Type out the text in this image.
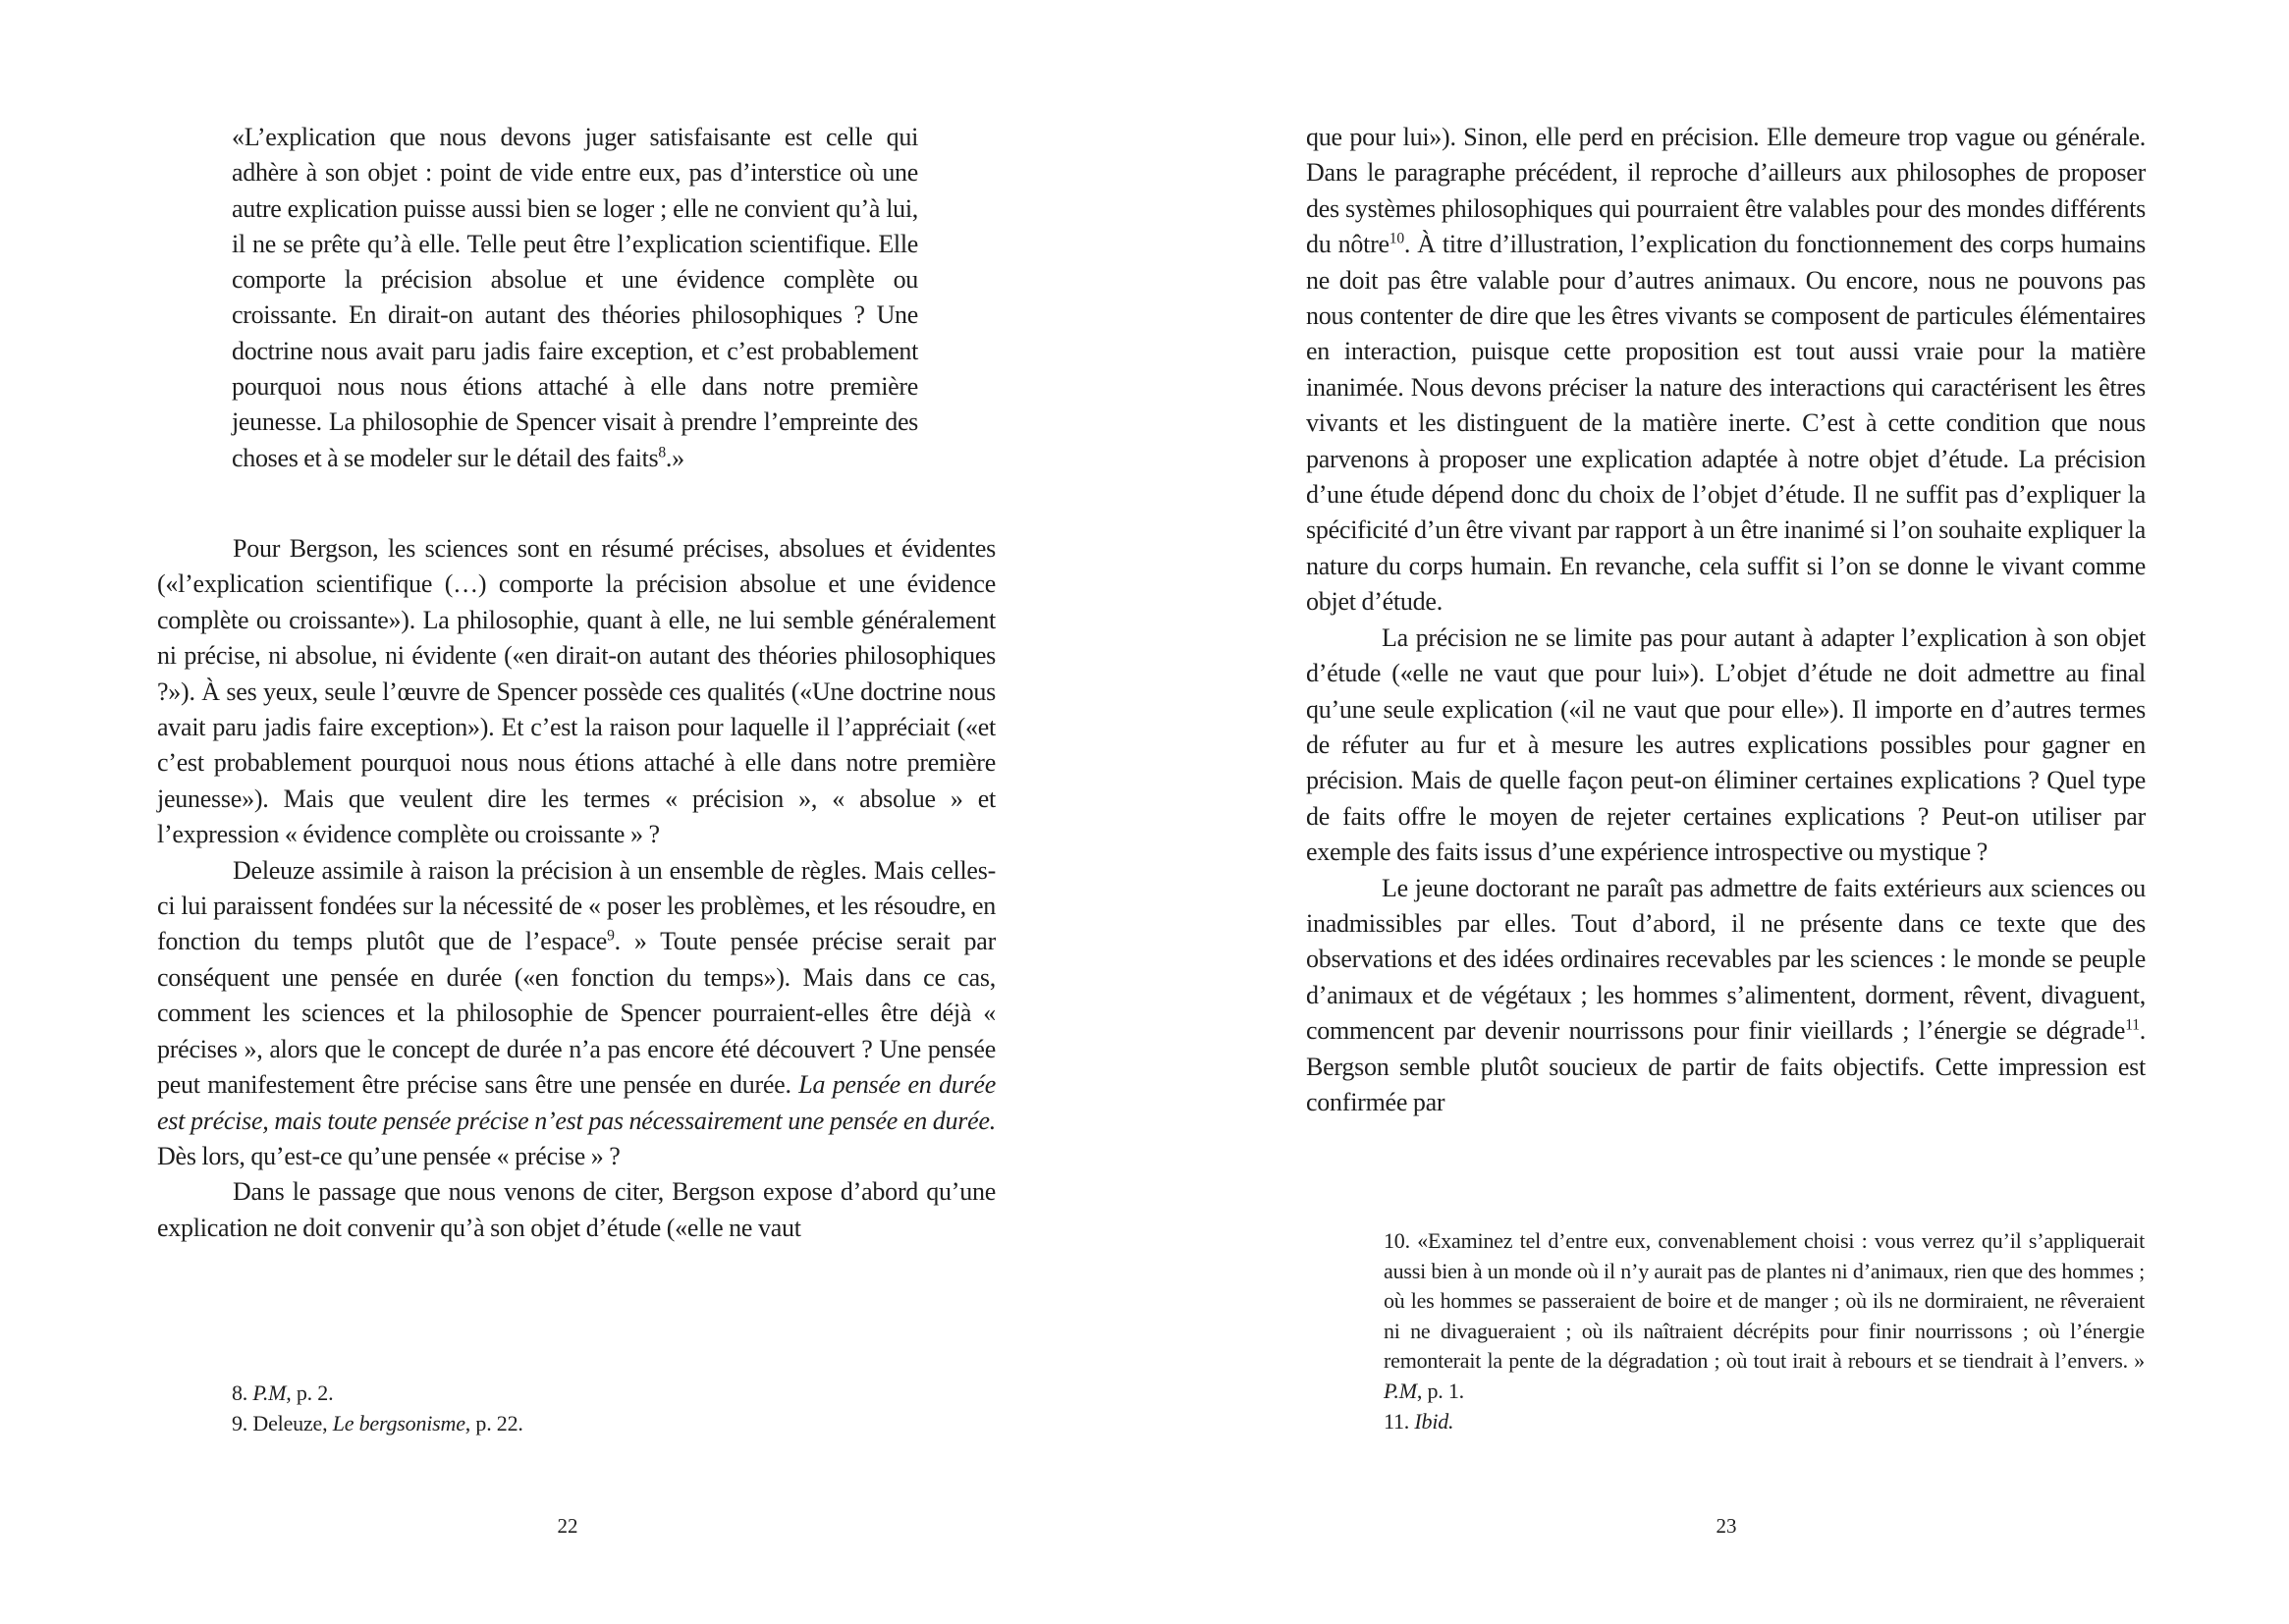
«L’explication que nous devons juger satisfaisante est celle qui adhère à son objet : point de vide entre eux, pas d’interstice où une autre explication puisse aussi bien se loger ; elle ne convient qu’à lui, il ne se prête qu’à elle. Telle peut être l’explication scientifique. Elle comporte la précision absolue et une évidence complète ou croissante. En dirait-on autant des théories philosophiques ? Une doctrine nous avait paru jadis faire exception, et c’est probablement pourquoi nous nous étions attaché à elle dans notre première jeunesse. La philosophie de Spencer visait à prendre l’empreinte des choses et à se modeler sur le détail des faits$^8$.»

Pour Bergson, les sciences sont en résumé précises, absolues et évidentes («l’explication scientifique (…) comporte la précision absolue et une évidence complète ou croissante»). La philosophie, quant à elle, ne lui semble généralement ni précise, ni absolue, ni évidente («en dirait-on autant des théories philosophiques ?»). À ses yeux, seule l’œuvre de Spencer possède ces qualités («Une doctrine nous avait paru jadis faire exception»). Et c’est la raison pour laquelle il l’appréciait («et c’est probablement pourquoi nous nous étions attaché à elle dans notre première jeunesse»). Mais que veulent dire les termes « précision », « absolue » et l’expression « évidence complète ou croissante » ?

Deleuze assimile à raison la précision à un ensemble de règles. Mais celles-ci lui paraissent fondées sur la nécessité de « poser les problèmes, et les résoudre, en fonction du temps plutôt que de l’espace$^9$. » Toute pensée précise serait par conséquent une pensée en durée («en fonction du temps»). Mais dans ce cas, comment les sciences et la philosophie de Spencer pourraient-elles être déjà « précises », alors que le concept de durée n’a pas encore été découvert ? Une pensée peut manifestement être précise sans être une pensée en durée. La pensée en durée est précise, mais toute pensée précise n’est pas nécessairement une pensée en durée. Dès lors, qu’est-ce qu’une pensée « précise » ?

Dans le passage que nous venons de citer, Bergson expose d’abord qu’une explication ne doit convenir qu’à son objet d’étude («elle ne vaut

8. P.M, p. 2.

9. Deleuze, Le bergsonisme, p. 22.

22

que pour lui»). Sinon, elle perd en précision. Elle demeure trop vague ou générale. Dans le paragraphe précédent, il reproche d’ailleurs aux philosophes de proposer des systèmes philosophiques qui pourraient être valables pour des mondes différents du nôtre$^{10}$. À titre d’illustration, l’explication du fonctionnement des corps humains ne doit pas être valable pour d’autres animaux. Ou encore, nous ne pouvons pas nous contenter de dire que les êtres vivants se composent de particules élémentaires en interaction, puisque cette proposition est tout aussi vraie pour la matière inanimée. Nous devons préciser la nature des interactions qui caractérisent les êtres vivants et les distinguent de la matière inerte. C’est à cette condition que nous parvenons à proposer une explication adaptée à notre objet d’étude. La précision d’une étude dépend donc du choix de l’objet d’étude. Il ne suffit pas d’expliquer la spécificité d’un être vivant par rapport à un être inanimé si l’on souhaite expliquer la nature du corps humain. En revanche, cela suffit si l’on se donne le vivant comme objet d’étude.

La précision ne se limite pas pour autant à adapter l’explication à son objet d’étude («elle ne vaut que pour lui»). L’objet d’étude ne doit admettre au final qu’une seule explication («il ne vaut que pour elle»). Il importe en d’autres termes de réfuter au fur et à mesure les autres explications possibles pour gagner en précision. Mais de quelle façon peut-on éliminer certaines explications ? Quel type de faits offre le moyen de rejeter certaines explications ? Peut-on utiliser par exemple des faits issus d’une expérience introspective ou mystique ?

Le jeune doctorant ne paraît pas admettre de faits extérieurs aux sciences ou inadmissibles par elles. Tout d’abord, il ne présente dans ce texte que des observations et des idées ordinaires recevables par les sciences : le monde se peuple d’animaux et de végétaux ; les hommes s’alimentent, dorment, rêvent, divaguent, commencent par devenir nourrissons pour finir vieillards ; l’énergie se dégrade$^{11}$. Bergson semble plutôt soucieux de partir de faits objectifs. Cette impression est confirmée par

10. «Examinez tel d’entre eux, convenablement choisi : vous verrez qu’il s’appliquerait aussi bien à un monde où il n’y aurait pas de plantes ni d’animaux, rien que des hommes ; où les hommes se passeraient de boire et de manger ; où ils ne dormiraient, ne rêveraient ni ne divagueraient ; où ils naîtraient décrépits pour finir nourrissons ; où l’énergie remonterait la pente de la dégradation ; où tout irait à rebours et se tiendrait à l’envers. » P.M, p. 1.

11. Ibid.

23
